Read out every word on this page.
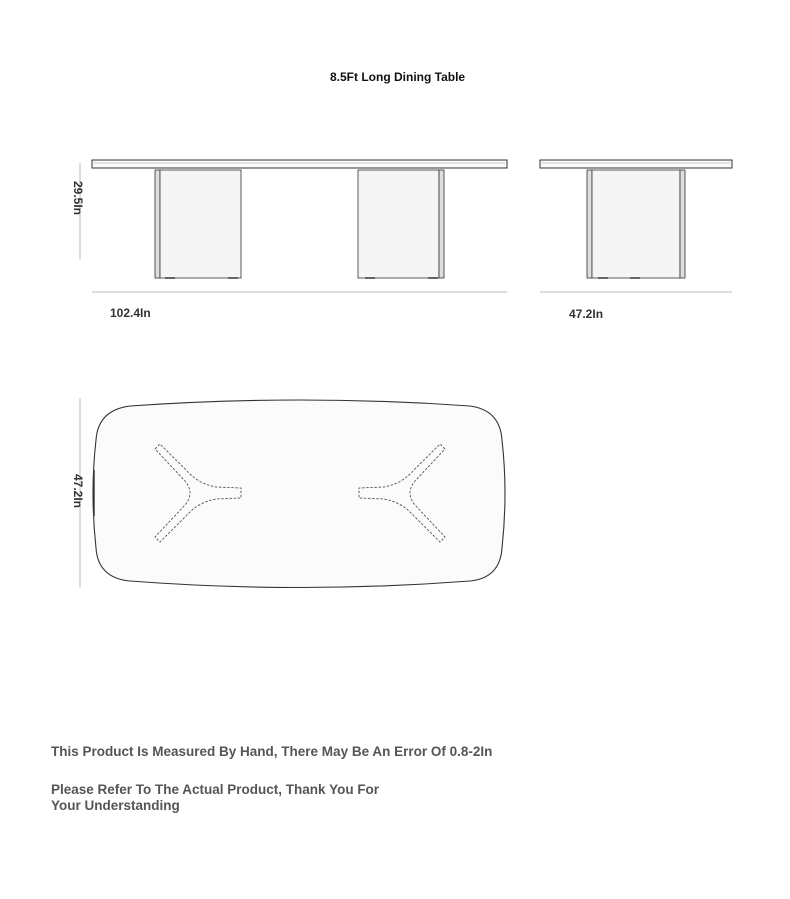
8.5Ft Long Dining Table
29.5In
102.4In	47.2In
47.2In
This Product Is Measured By Hand, There May Be An Error Of 0.8-2In
Please Refer To The Actual Product, Thank You For Your Understanding
